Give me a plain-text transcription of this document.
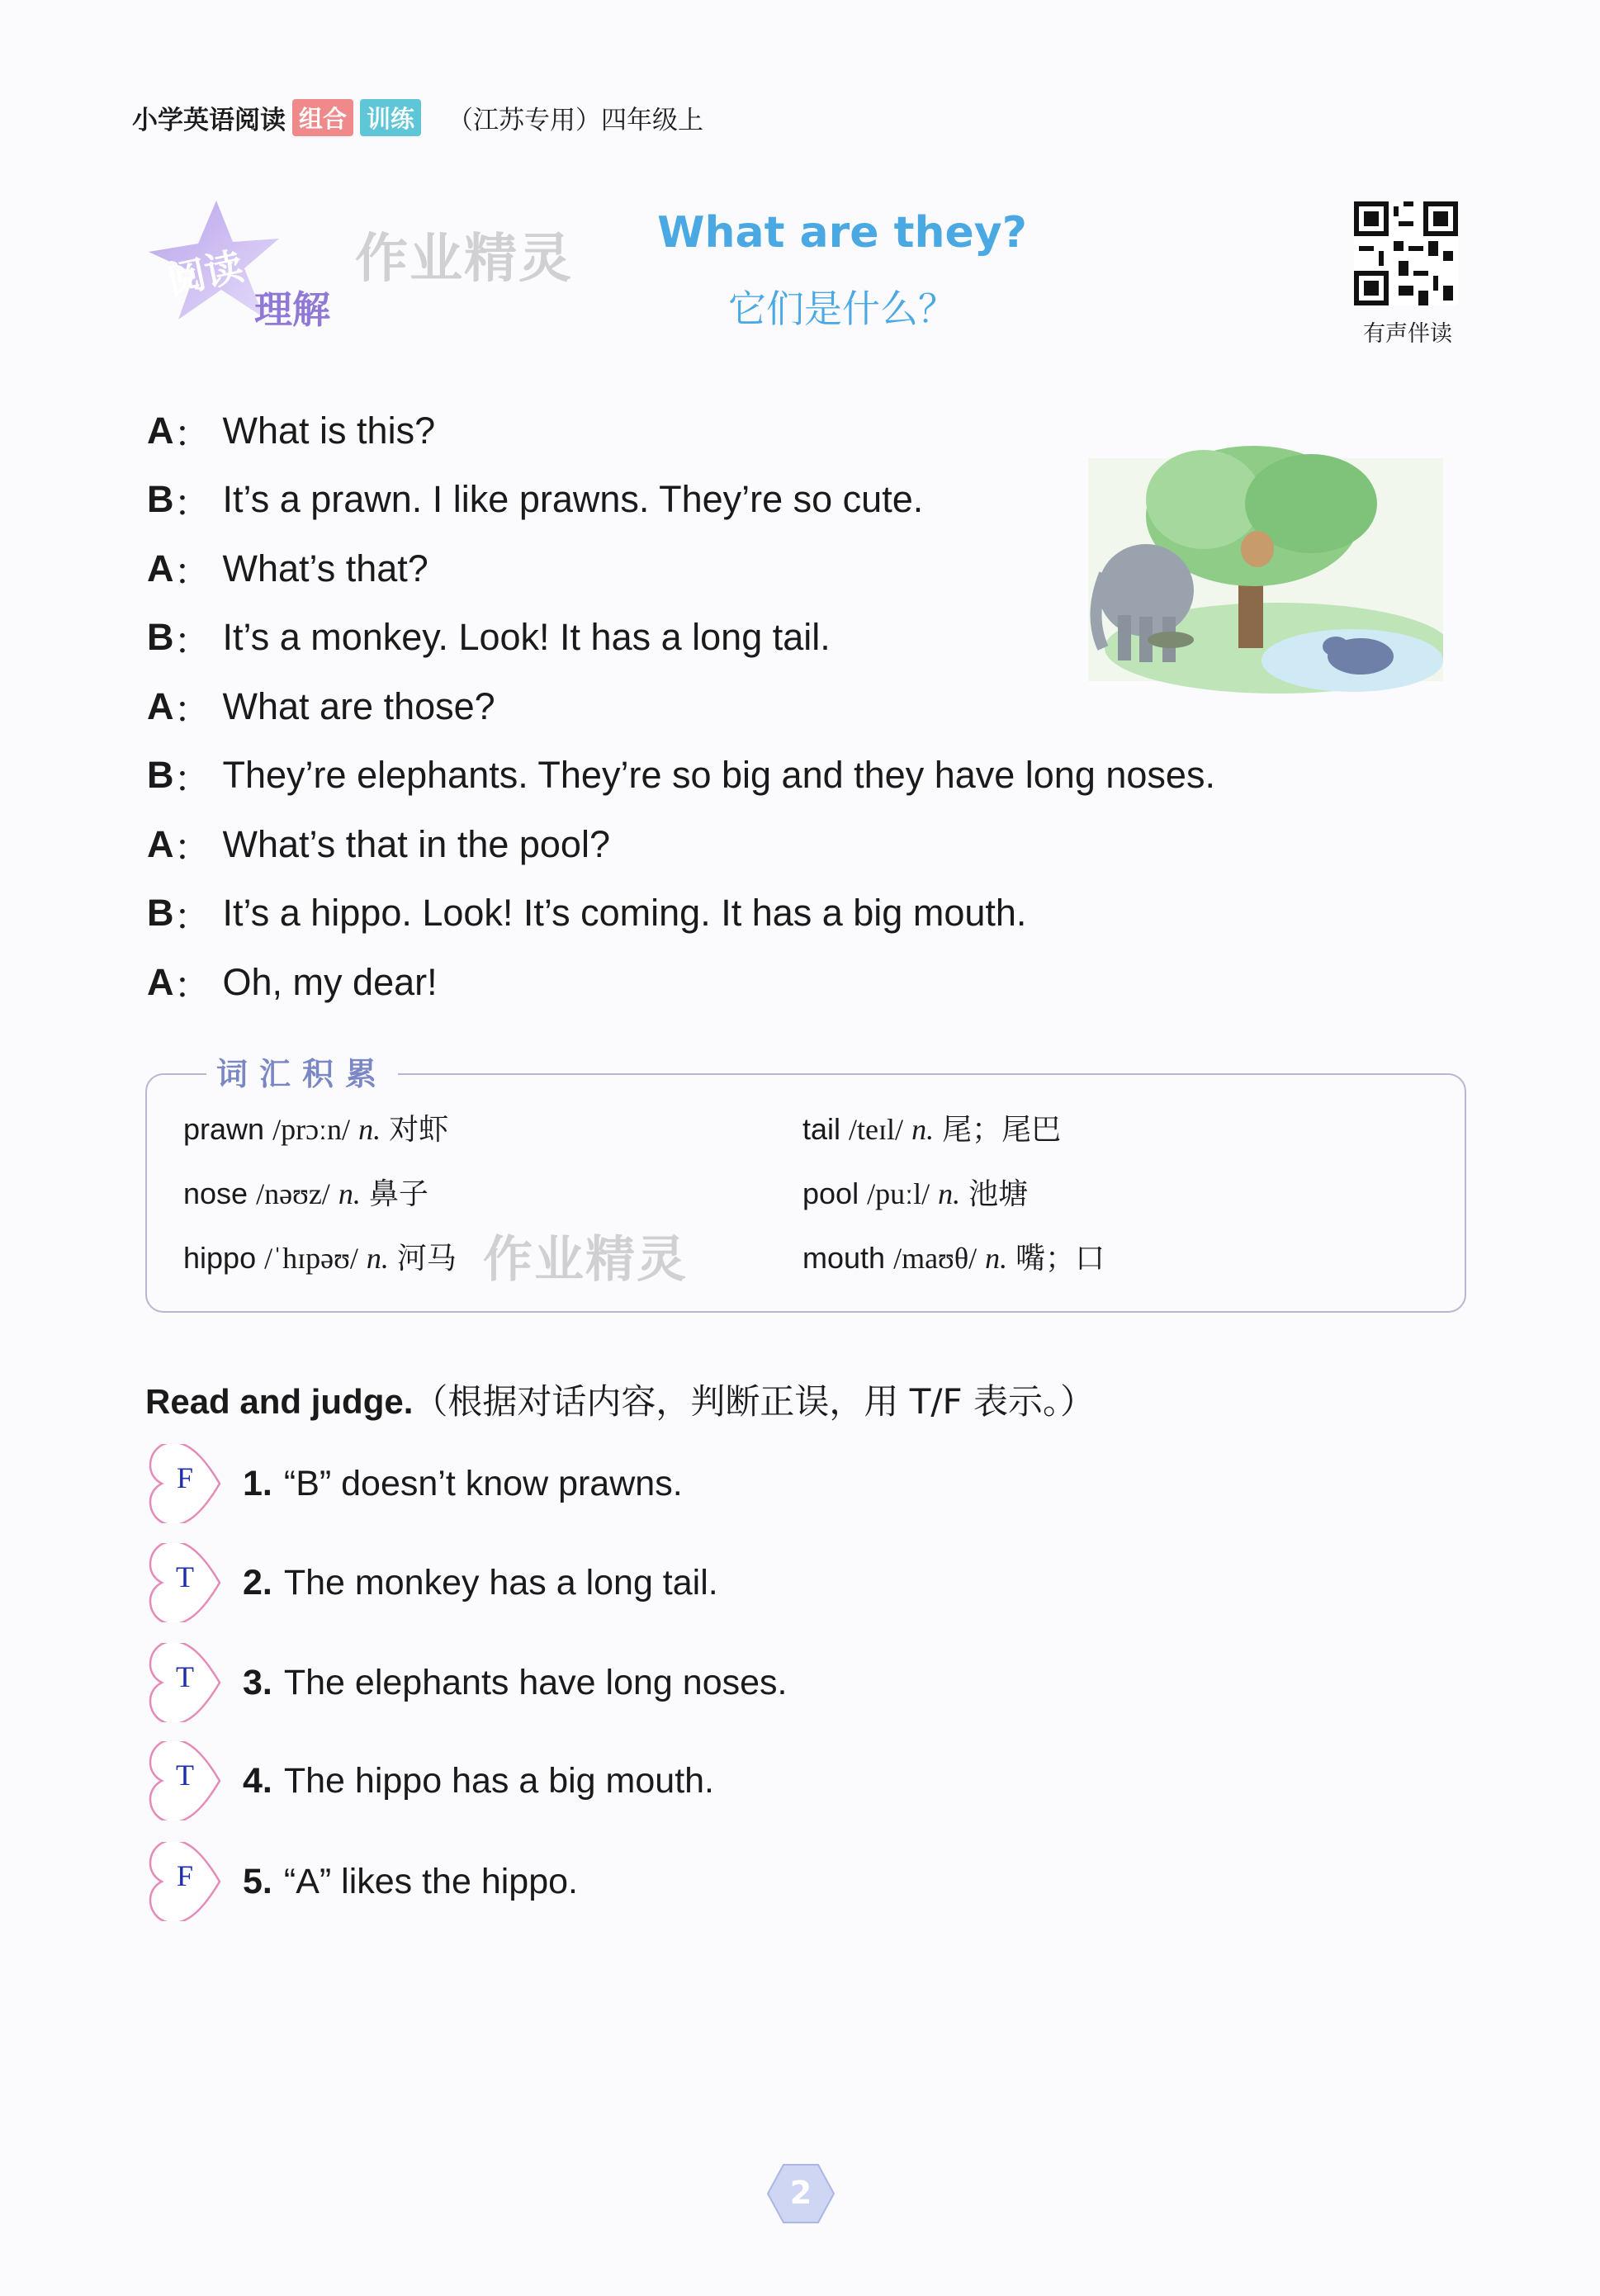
小学英语阅读 组合 训练 （江苏专用）四年级上
阅读
理解
作业精灵	What are they?
它们是什么？
有声伴读
A ： What is this?
B ： It’s a prawn. I like prawns. They’re so cute.
A ： What’s that?
B ： It’s a monkey. Look! It has a long tail.
A ： What are those?
B ： They’re elephants. They’re so big and they have long noses.
A ： What’s that in the pool?
B ： It’s a hippo. Look! It’s coming. It has a big mouth.
A ： Oh, my dear!
词汇积累
prawn /prɔːn/ n. 对虾	tail /teɪl/ n. 尾；尾巴
nose /nəʊz/ n. 鼻子	pool /puːl/ n. 池塘
hippo /ˈhɪpəʊ/ n. 河马	mouth /maʊθ/ n. 嘴；口
作业精灵
Read and judge.（根据对话内容，判断正误，用 T/F 表示。）
F	1. “B” doesn’t know prawns.
T	2. The monkey has a long tail.
T	3. The elephants have long noses.
T	4. The hippo has a big mouth.
F	5. “A” likes the hippo.
2
